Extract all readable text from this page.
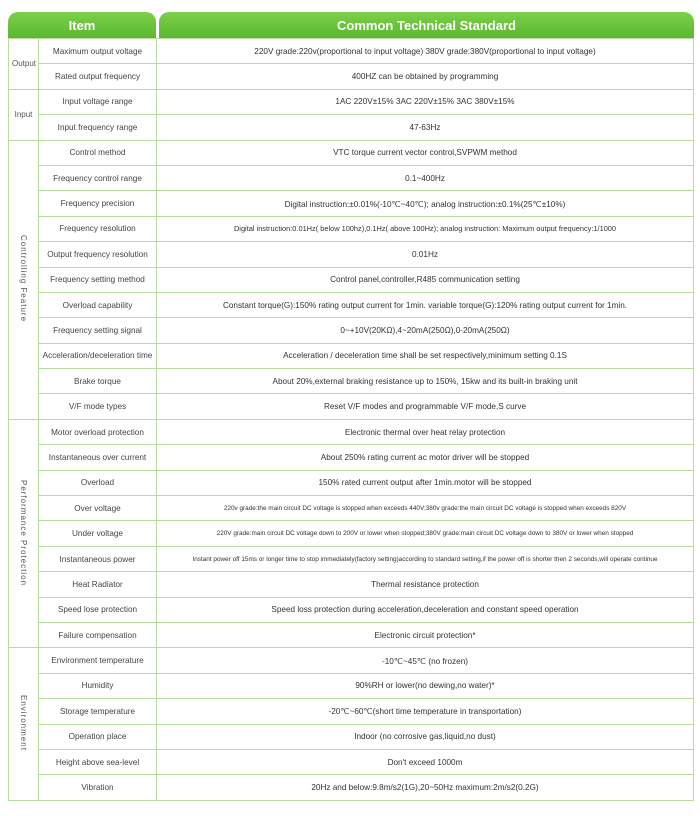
Item	Common Technical Standard
Output	Maximum output voltage	220V grade:220v(proportional to input voltage) 380V grade:380V(proportional to input voltage)
	Rated output frequency	400HZ can be obtained by programming
Input	Input voltage range	1AC 220V±15% 3AC 220V±15% 3AC 380V±15%
	Input frequency range	47-63Hz
Controlling Feature	Control method	VTC torque current vector control,SVPWM method
	Frequency control range	0.1~400Hz
	Frequency precision	Digital instruction:±0.01%(-10℃~40℃); analog instruction:±0.1%(25℃±10%)
	Frequency resolution	Digital instruction:0.01Hz( below 100hz),0.1Hz( above 100Hz); analog instruction: Maximum output frequency:1/1000
	Output frequency resolution	0.01Hz
	Frequency setting method	Control panel,controller,R485 communication setting
	Overload capability	Constant torque(G):150% rating output current for 1min. variable torque(G):120% rating output current for 1min.
	Frequency setting signal	0~+10V(20KΩ),4~20mA(250Ω),0-20mA(250Ω)
	Acceleration/deceleration time	Acceleration / deceleration time shall be set respectively,minimum setting 0.1S
	Brake torque	About 20%,external braking resistance up to 150%, 15kw and its built-in braking unit
	V/F mode types	Reset V/F modes and programmable V/F mode,S curve
Performance Protection	Motor overload protection	Electronic thermal over heat relay protection
	Instantaneous over current	About 250% rating current ac motor driver will be stopped
	Overload	150% rated current output after 1min.motor will be stopped
	Over voltage	220v grade:the main circuit DC voltage is stopped when exceeds 440V;380v grade:the main circuit DC voltage is stopped when exceeds 820V
	Under voltage	220V grade:main circuit DC voltage down to 200V or lower when stopped;380V grade:main circuit DC voltage down to 380V or lower when stopped
	Instantaneous power	Instant power off 15ms or longer time to stop immediately(factory setting)according to standard setting,if the power off is shorter then 2 seconds,will operate continue
	Heat Radiator	Thermal resistance protection
	Speed lose protection	Speed loss protection during acceleration,deceleration and constant speed operation
	Failure compensation	Electronic circuit protection*
Environment	Environment temperature	-10℃~45℃ (no frozen)
	Humidity	90%RH or lower(no dewing,no water)*
	Storage temperature	-20℃~60℃(short time temperature in transportation)
	Operation place	Indoor (no corrosive gas,liquid,no dust)
	Height above sea-level	Don't exceed 1000m
	Vibration	20Hz and below:9.8m/s2(1G),20~50Hz maximum:2m/s2(0.2G)
